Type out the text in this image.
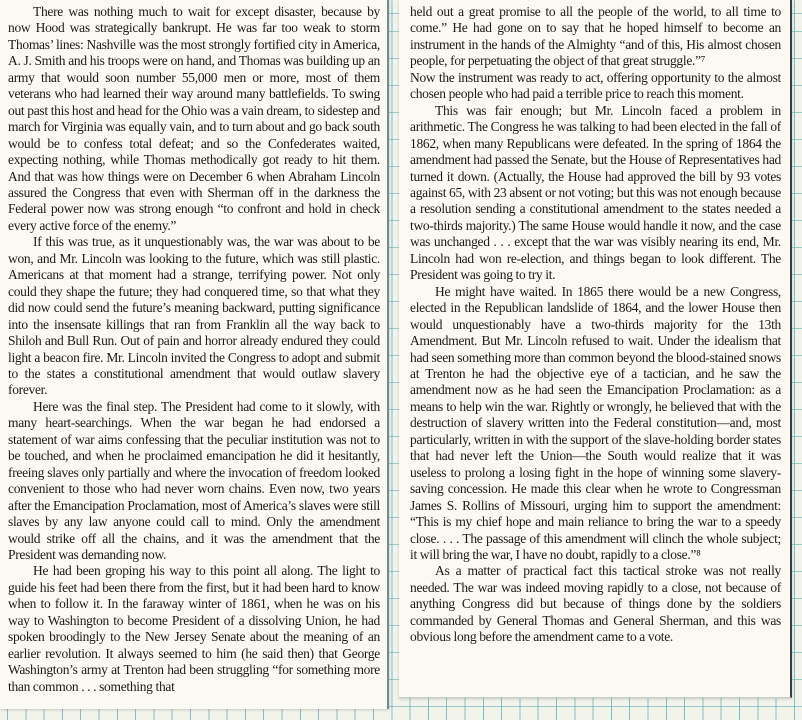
There was nothing much to wait for except disaster, because by now Hood was strategically bankrupt. He was far too weak to storm Thomas’ lines: Nashville was the most strongly fortified city in America, A. J. Smith and his troops were on hand, and Thomas was building up an army that would soon number 55,000 men or more, most of them veterans who had learned their way around many battlefields. To swing out past this host and head for the Ohio was a vain dream, to sidestep and march for Virginia was equally vain, and to turn about and go back south would be to confess total defeat; and so the Confederates waited, expecting nothing, while Thomas methodically got ready to hit them. And that was how things were on December 6 when Abraham Lincoln assured the Congress that even with Sherman off in the darkness the Federal power now was strong enough “to confront and hold in check every active force of the enemy.”

If this was true, as it unquestionably was, the war was about to be won, and Mr. Lincoln was looking to the future, which was still plastic. Americans at that moment had a strange, terrifying power. Not only could they shape the future; they had conquered time, so that what they did now could send the future’s meaning backward, putting significance into the insensate killings that ran from Franklin all the way back to Shiloh and Bull Run. Out of pain and horror already endured they could light a beacon fire. Mr. Lincoln invited the Congress to adopt and submit to the states a constitutional amendment that would outlaw slavery forever.

Here was the final step. The President had come to it slowly, with many heart-searchings. When the war began he had endorsed a statement of war aims confessing that the peculiar institution was not to be touched, and when he proclaimed emancipation he did it hesitantly, freeing slaves only partially and where the invocation of freedom looked convenient to those who had never worn chains. Even now, two years after the Emancipation Proclamation, most of America’s slaves were still slaves by any law anyone could call to mind. Only the amendment would strike off all the chains, and it was the amendment that the President was demanding now.

He had been groping his way to this point all along. The light to guide his feet had been there from the first, but it had been hard to know when to follow it. In the faraway winter of 1861, when he was on his way to Washington to become President of a dissolving Union, he had spoken broodingly to the New Jersey Senate about the meaning of an earlier revolution. It always seemed to him (he said then) that George Washington’s army at Trenton had been struggling “for something more than common . . . something that

held out a great promise to all the people of the world, to all time to come.” He had gone on to say that he hoped himself to become an instrument in the hands of the Almighty “and of this, His almost chosen people, for perpetuating the object of that great struggle.”⁷

Now the instrument was ready to act, offering opportunity to the almost chosen people who had paid a terrible price to reach this moment.

This was fair enough; but Mr. Lincoln faced a problem in arithmetic. The Congress he was talking to had been elected in the fall of 1862, when many Republicans were defeated. In the spring of 1864 the amendment had passed the Senate, but the House of Representatives had turned it down. (Actually, the House had approved the bill by 93 votes against 65, with 23 absent or not voting; but this was not enough because a resolution sending a constitutional amendment to the states needed a two-thirds majority.) The same House would handle it now, and the case was unchanged . . . except that the war was visibly nearing its end, Mr. Lincoln had won re-election, and things began to look different. The President was going to try it.

He might have waited. In 1865 there would be a new Congress, elected in the Republican landslide of 1864, and the lower House then would unquestionably have a two-thirds majority for the 13th Amendment. But Mr. Lincoln refused to wait. Under the idealism that had seen something more than common beyond the blood-stained snows at Trenton he had the objective eye of a tactician, and he saw the amendment now as he had seen the Emancipation Proclamation: as a means to help win the war. Rightly or wrongly, he believed that with the destruction of slavery written into the Federal constitution—and, most particularly, written in with the support of the slave-holding border states that had never left the Union—the South would realize that it was useless to prolong a losing fight in the hope of winning some slavery-saving concession. He made this clear when he wrote to Congressman James S. Rollins of Missouri, urging him to support the amendment: “This is my chief hope and main reliance to bring the war to a speedy close. . . . The passage of this amendment will clinch the whole subject; it will bring the war, I have no doubt, rapidly to a close.”⁸

As a matter of practical fact this tactical stroke was not really needed. The war was indeed moving rapidly to a close, not because of anything Congress did but because of things done by the soldiers commanded by General Thomas and General Sherman, and this was obvious long before the amendment came to a vote.
